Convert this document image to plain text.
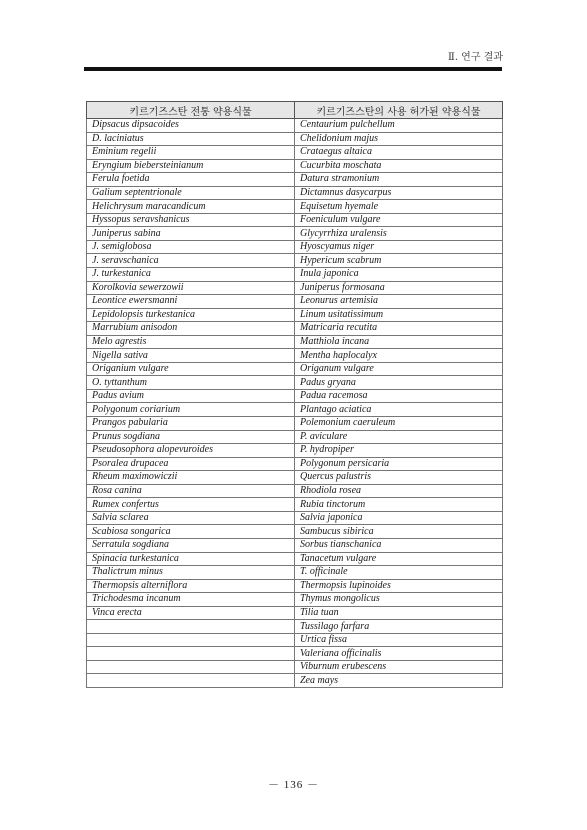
Ⅱ. 연구 결과
키르기즈스탄 전통 약용식물	키르기즈스탄의 사용 허가된 약용식물
Dipsacus dipsacoides	Centaurium pulchellum
D. laciniatus	Chelidonium majus
Eminium regelii	Crataegus altaica
Eryngium biebersteinianum	Cucurbita moschata
Ferula foetida	Datura stramonium
Galium septentrionale	Dictamnus dasycarpus
Helichrysum maracandicum	Equisetum hyemale
Hyssopus seravshanicus	Foeniculum vulgare
Juniperus sabina	Glycyrrhiza uralensis
J. semiglobosa	Hyoscyamus niger
J. seravschanica	Hypericum scabrum
J. turkestanica	Inula japonica
Korolkovia sewerzowii	Juniperus formosana
Leontice ewersmanni	Leonurus artemisia
Lepidolopsis turkestanica	Linum usitatissimum
Marrubium anisodon	Matricaria recutita
Melo agrestis	Matthiola incana
Nigella sativa	Mentha haplocalyx
Origanium vulgare	Origanum vulgare
O. tyttanthum	Padus gryana
Padus avium	Padua racemosa
Polygonum coriarium	Plantago aciatica
Prangos pabularia	Polemonium caeruleum
Prunus sogdiana	P. aviculare
Pseudosophora alopevuroides	P. hydropiper
Psoralea drupacea	Polygonum persicaria
Rheum maximowiczii	Quercus palustris
Rosa canina	Rhodiola rosea
Rumex confertus	Rubia tinctorum
Salvia sclarea	Salvia japonica
Scabiosa songarica	Sambucus sibirica
Serratula sogdiana	Sorbus tianschanica
Spinacia turkestanica	Tanacetum vulgare
Thalictrum minus	T. officinale
Thermopsis alterniflora	Thermopsis lupinoides
Trichodesma incanum	Thymus mongolicus
Vinca erecta	Tilia tuan
	Tussilago farfara
	Urtica fissa
	Valeriana officinalis
	Viburnum erubescens
	Zea mays
－ 136 －
